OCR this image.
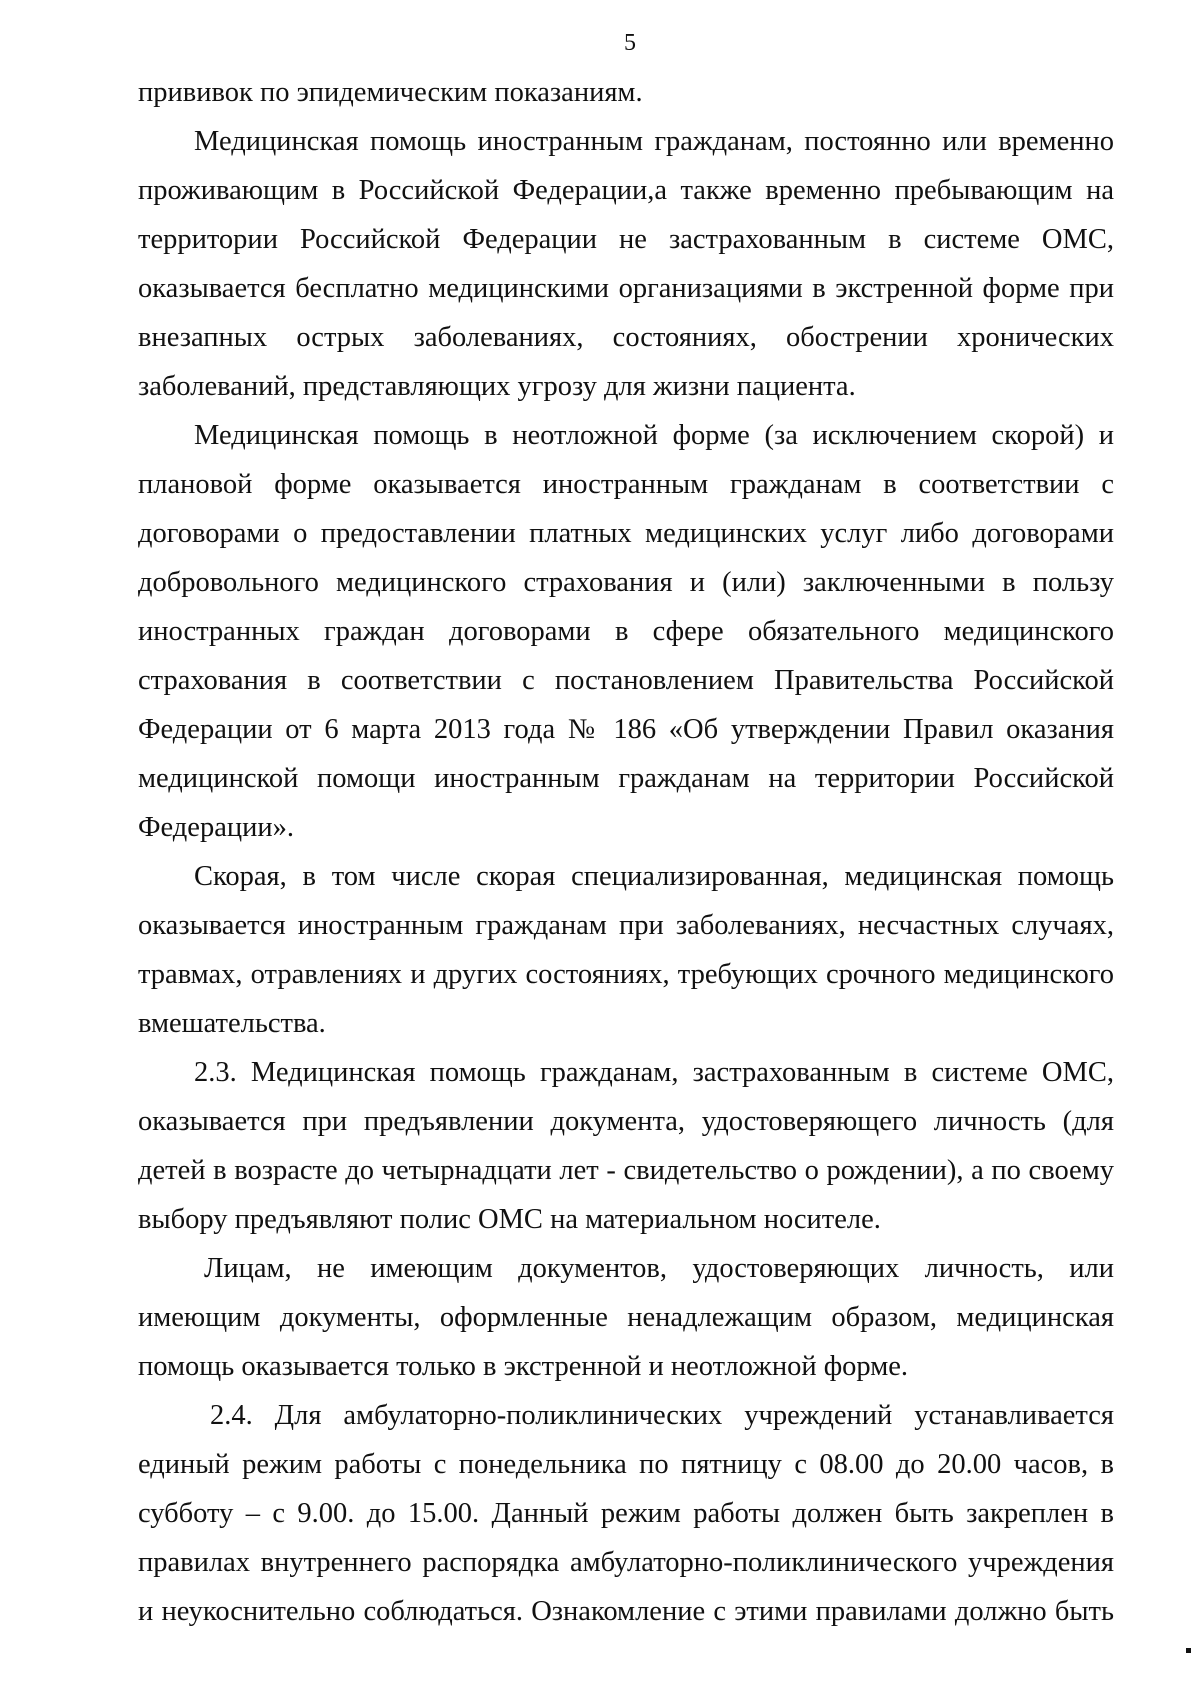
5

прививок по эпидемическим показаниям.

Медицинская помощь иностранным гражданам, постоянно или временно проживающим в Российской Федерации,а также временно пребывающим на территории Российской Федерации не застрахованным в системе ОМС, оказывается бесплатно медицинскими организациями в экстренной форме при внезапных острых заболеваниях, состояниях, обострении хронических заболеваний, представляющих угрозу для жизни пациента.

Медицинская помощь в неотложной форме (за исключением скорой) и плановой форме оказывается иностранным гражданам в соответствии с договорами о предоставлении платных медицинских услуг либо договорами добровольного медицинского страхования и (или) заключенными в пользу иностранных граждан договорами в сфере обязательного медицинского страхования в соответствии с постановлением Правительства Российской Федерации от 6 марта 2013 года № 186 «Об утверждении Правил оказания медицинской помощи иностранным гражданам на территории Российской Федерации».

Скорая, в том числе скорая специализированная, медицинская помощь оказывается иностранным гражданам при заболеваниях, несчастных случаях, травмах, отравлениях и других состояниях, требующих срочного медицинского вмешательства.

2.3. Медицинская помощь гражданам, застрахованным в системе ОМС, оказывается при предъявлении документа, удостоверяющего личность (для детей в возрасте до четырнадцати лет - свидетельство о рождении), а по своему выбору предъявляют полис ОМС на материальном носителе.

Лицам, не имеющим документов, удостоверяющих личность, или имеющим документы, оформленные ненадлежащим образом, медицинская помощь оказывается только в экстренной и неотложной форме.

2.4. Для амбулаторно-поликлинических учреждений устанавливается единый режим работы с понедельника по пятницу с 08.00 до 20.00 часов, в субботу – с 9.00. до 15.00. Данный режим работы должен быть закреплен в правилах внутреннего распорядка амбулаторно-поликлинического учреждения и неукоснительно соблюдаться. Ознакомление с этими правилами должно быть
